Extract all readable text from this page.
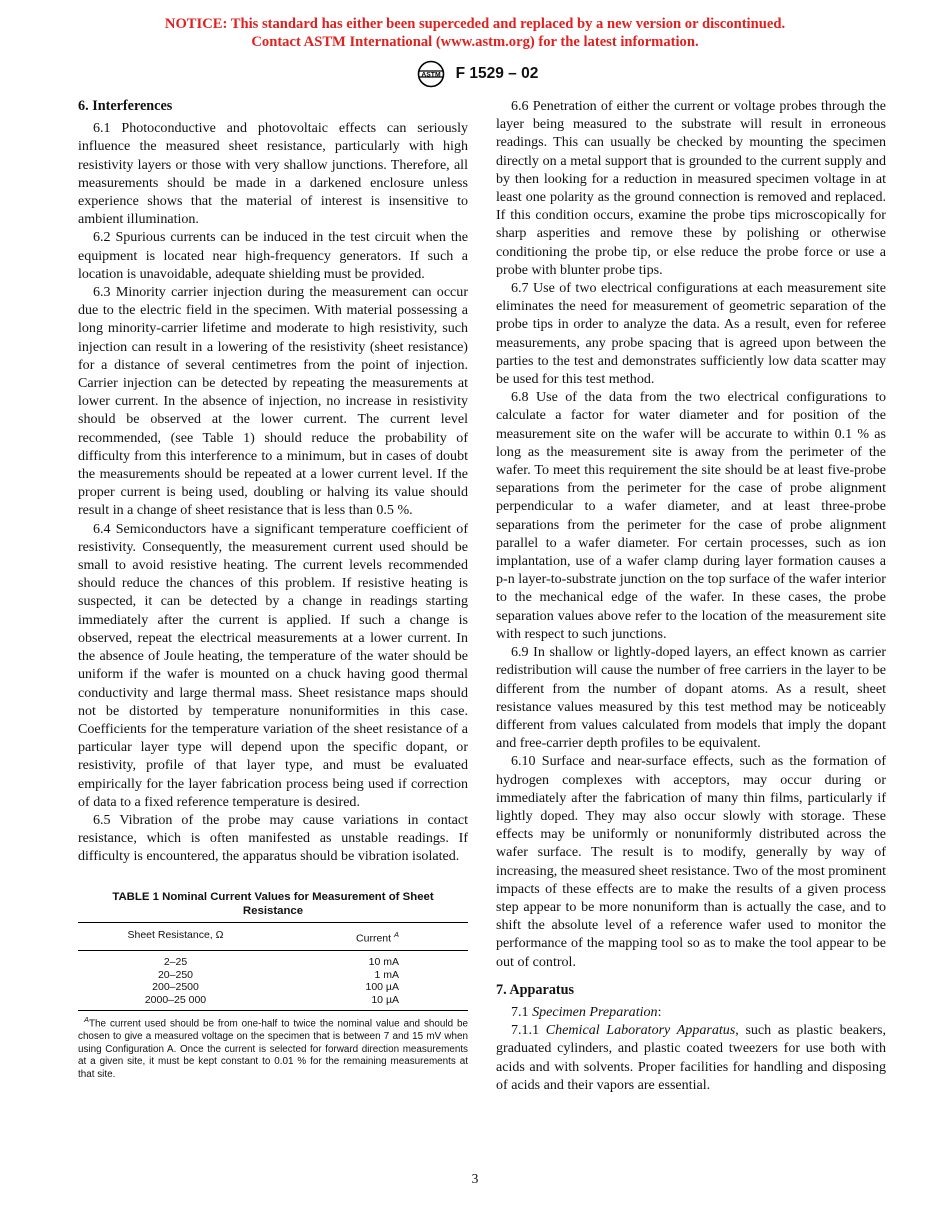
NOTICE: This standard has either been superceded and replaced by a new version or discontinued.
Contact ASTM International (www.astm.org) for the latest information.
ASTM F 1529 – 02
6. Interferences

6.1 Photoconductive and photovoltaic effects can seriously influence the measured sheet resistance, particularly with high resistivity layers or those with very shallow junctions. Therefore, all measurements should be made in a darkened enclosure unless experience shows that the material of interest is insensitive to ambient illumination.

6.2 Spurious currents can be induced in the test circuit when the equipment is located near high-frequency generators. If such a location is unavoidable, adequate shielding must be provided.

6.3 Minority carrier injection during the measurement can occur due to the electric field in the specimen. With material possessing a long minority-carrier lifetime and moderate to high resistivity, such injection can result in a lowering of the resistivity (sheet resistance) for a distance of several centimetres from the point of injection. Carrier injection can be detected by repeating the measurements at lower current. In the absence of injection, no increase in resistivity should be observed at the lower current. The current level recommended, (see Table 1) should reduce the probability of difficulty from this interference to a minimum, but in cases of doubt the measurements should be repeated at a lower current level. If the proper current is being used, doubling or halving its value should result in a change of sheet resistance that is less than 0.5 %.

6.4 Semiconductors have a significant temperature coefficient of resistivity. Consequently, the measurement current used should be small to avoid resistive heating. The current levels recommended should reduce the chances of this problem. If resistive heating is suspected, it can be detected by a change in readings starting immediately after the current is applied. If such a change is observed, repeat the electrical measurements at a lower current. In the absence of Joule heating, the temperature of the water should be uniform if the wafer is mounted on a chuck having good thermal conductivity and large thermal mass. Sheet resistance maps should not be distorted by temperature nonuniformities in this case. Coefficients for the temperature variation of the sheet resistance of a particular layer type will depend upon the specific dopant, or resistivity, profile of that layer type, and must be evaluated empirically for the layer fabrication process being used if correction of data to a fixed reference temperature is desired.

6.5 Vibration of the probe may cause variations in contact resistance, which is often manifested as unstable readings. If difficulty is encountered, the apparatus should be vibration isolated.

TABLE 1 Nominal Current Values for Measurement of Sheet Resistance
Sheet Resistance, Ω	Current $^A$
2–25	10 mA
20–250	1 mA
200–2500	100 µA
2000–25 000	10 µA
$^A$The current used should be from one-half to twice the nominal value and should be chosen to give a measured voltage on the specimen that is between 7 and 15 mV when using Configuration A. Once the current is selected for forward direction measurements at a given site, it must be kept constant to 0.01 % for the remaining measurements at that site.

6.6 Penetration of either the current or voltage probes through the layer being measured to the substrate will result in erroneous readings. This can usually be checked by mounting the specimen directly on a metal support that is grounded to the current supply and by then looking for a reduction in measured specimen voltage in at least one polarity as the ground connection is removed and replaced. If this condition occurs, examine the probe tips microscopically for sharp asperities and remove these by polishing or otherwise conditioning the probe tip, or else reduce the probe force or use a probe with blunter probe tips.

6.7 Use of two electrical configurations at each measurement site eliminates the need for measurement of geometric separation of the probe tips in order to analyze the data. As a result, even for referee measurements, any probe spacing that is agreed upon between the parties to the test and demonstrates sufficiently low data scatter may be used for this test method.

6.8 Use of the data from the two electrical configurations to calculate a factor for water diameter and for position of the measurement site on the wafer will be accurate to within 0.1 % as long as the measurement site is away from the perimeter of the wafer. To meet this requirement the site should be at least five-probe separations from the perimeter for the case of probe alignment perpendicular to a wafer diameter, and at least three-probe separations from the perimeter for the case of probe alignment parallel to a wafer diameter. For certain processes, such as ion implantation, use of a wafer clamp during layer formation causes a p-n layer-to-substrate junction on the top surface of the wafer interior to the mechanical edge of the wafer. In these cases, the probe separation values above refer to the location of the measurement site with respect to such junctions.

6.9 In shallow or lightly-doped layers, an effect known as carrier redistribution will cause the number of free carriers in the layer to be different from the number of dopant atoms. As a result, sheet resistance values measured by this test method may be noticeably different from values calculated from models that imply the dopant and free-carrier depth profiles to be equivalent.

6.10 Surface and near-surface effects, such as the formation of hydrogen complexes with acceptors, may occur during or immediately after the fabrication of many thin films, particularly if lightly doped. They may also occur slowly with storage. These effects may be uniformly or nonuniformly distributed across the wafer surface. The result is to modify, generally by way of increasing, the measured sheet resistance. Two of the most prominent impacts of these effects are to make the results of a given process step appear to be more nonuniform than is actually the case, and to shift the absolute level of a reference wafer used to monitor the performance of the mapping tool so as to make the tool appear to be out of control.

7. Apparatus

7.1 Specimen Preparation:

7.1.1 Chemical Laboratory Apparatus, such as plastic beakers, graduated cylinders, and plastic coated tweezers for use both with acids and with solvents. Proper facilities for handling and disposing of acids and their vapors are essential.

3
